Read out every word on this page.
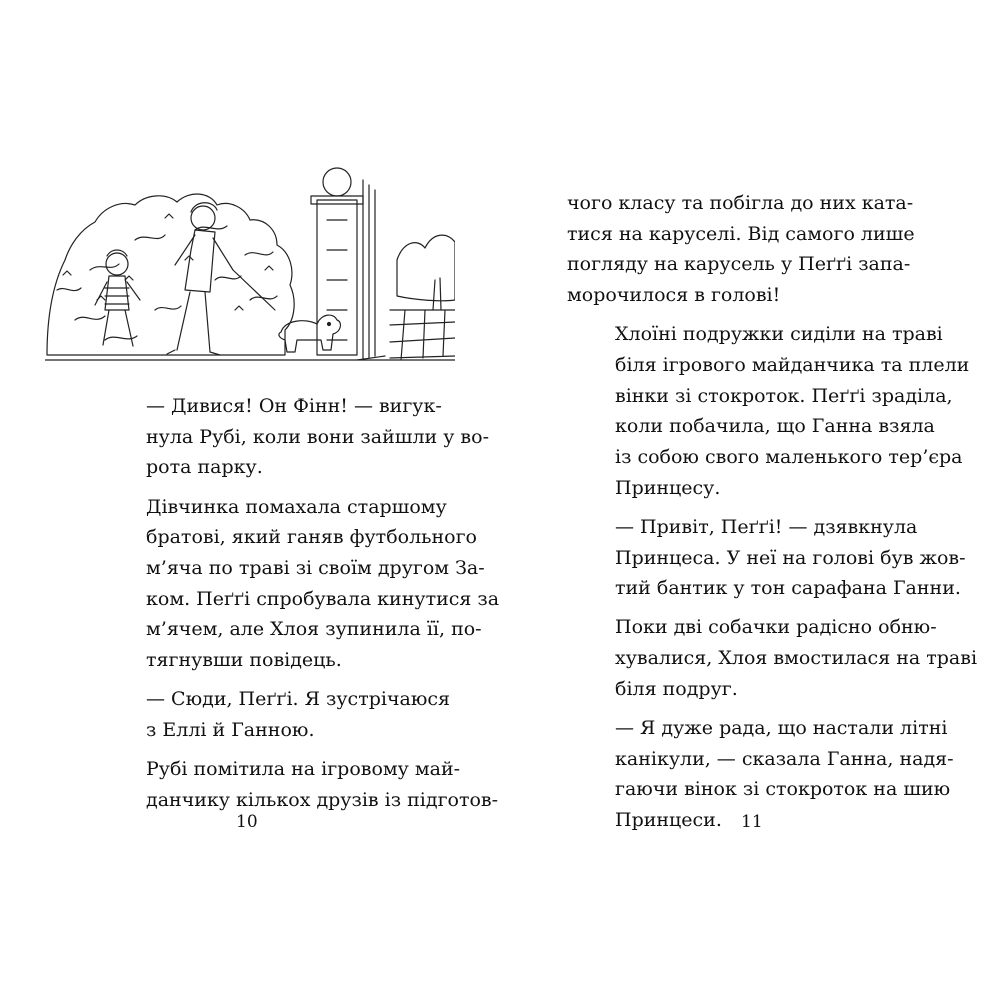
— Дивися! Он Фінн! — вигук-
нула Рубі, коли вони зайшли у во-
рота парку.

Дівчинка помахала старшому
братові, який ганяв футбольного
м’яча по траві зі своїм другом За-
ком. Пеґґі спробувала кинутися за
м’ячем, але Хлоя зупинила її, по-
тягнувши повідець.

— Сюди, Пеґґі. Я зустрічаюся
з Еллі й Ганною.

Рубі помітила на ігровому май-
данчику кількох друзів із підготов-

10

чого класу та побігла до них ката-
тися на каруселі. Від самого лише
погляду на карусель у Пеґґі запа-
морочилося в голові!

Хлоїні подружки сиділи на траві
біля ігрового майданчика та плели
вінки зі стокроток. Пеґґі зраділа,
коли побачила, що Ганна взяла
із собою свого маленького тер’єра
Принцесу.

— Привіт, Пеґґі! — дзявкнула
Принцеса. У неї на голові був жов-
тий бантик у тон сарафана Ганни.

Поки дві собачки радісно обню-
хувалися, Хлоя вмостилася на траві
біля подруг.

— Я дуже рада, що настали літні
канікули, — сказала Ганна, надя-
гаючи вінок зі стокроток на шию
Принцеси.	11
